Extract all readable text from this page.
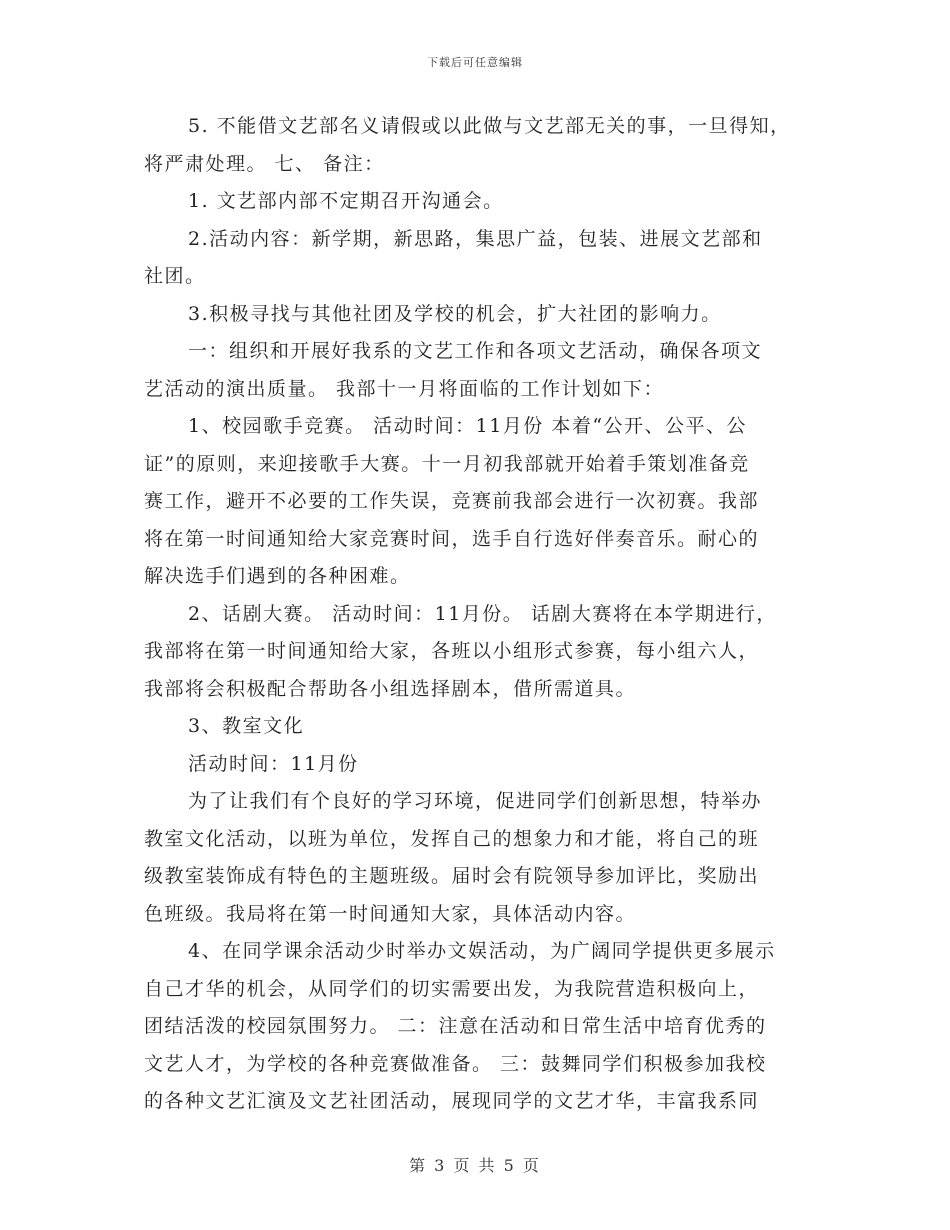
下载后可任意编辑
5. 不能借文艺部名义请假或以此做与文艺部无关的事，一旦得知，
将严肃处理。 七、 备注：
1. 文艺部内部不定期召开沟通会。
2.活动内容：新学期，新思路，集思广益，包装、进展文艺部和
社团。
3.积极寻找与其他社团及学校的机会，扩大社团的影响力。
一：组织和开展好我系的文艺工作和各项文艺活动，确保各项文
艺活动的演出质量。 我部十一月将面临的工作计划如下：
1、校园歌手竞赛。 活动时间：11月份 本着“公开、公平、公
证”的原则，来迎接歌手大赛。十一月初我部就开始着手策划准备竞
赛工作，避开不必要的工作失误，竞赛前我部会进行一次初赛。我部
将在第一时间通知给大家竞赛时间，选手自行选好伴奏音乐。耐心的
解决选手们遇到的各种困难。
2、话剧大赛。 活动时间：11月份。 话剧大赛将在本学期进行，
我部将在第一时间通知给大家，各班以小组形式参赛，每小组六人，
我部将会积极配合帮助各小组选择剧本，借所需道具。
3、教室文化
活动时间：11月份
为了让我们有个良好的学习环境，促进同学们创新思想，特举办
教室文化活动，以班为单位，发挥自己的想象力和才能，将自己的班
级教室装饰成有特色的主题班级。届时会有院领导参加评比，奖励出
色班级。我局将在第一时间通知大家，具体活动内容。
4、在同学课余活动少时举办文娱活动，为广阔同学提供更多展示
自己才华的机会，从同学们的切实需要出发，为我院营造积极向上，
团结活泼的校园氛围努力。 二：注意在活动和日常生活中培育优秀的
文艺人才，为学校的各种竞赛做准备。 三：鼓舞同学们积极参加我校
的各种文艺汇演及文艺社团活动，展现同学的文艺才华，丰富我系同
第 3 页 共 5 页
